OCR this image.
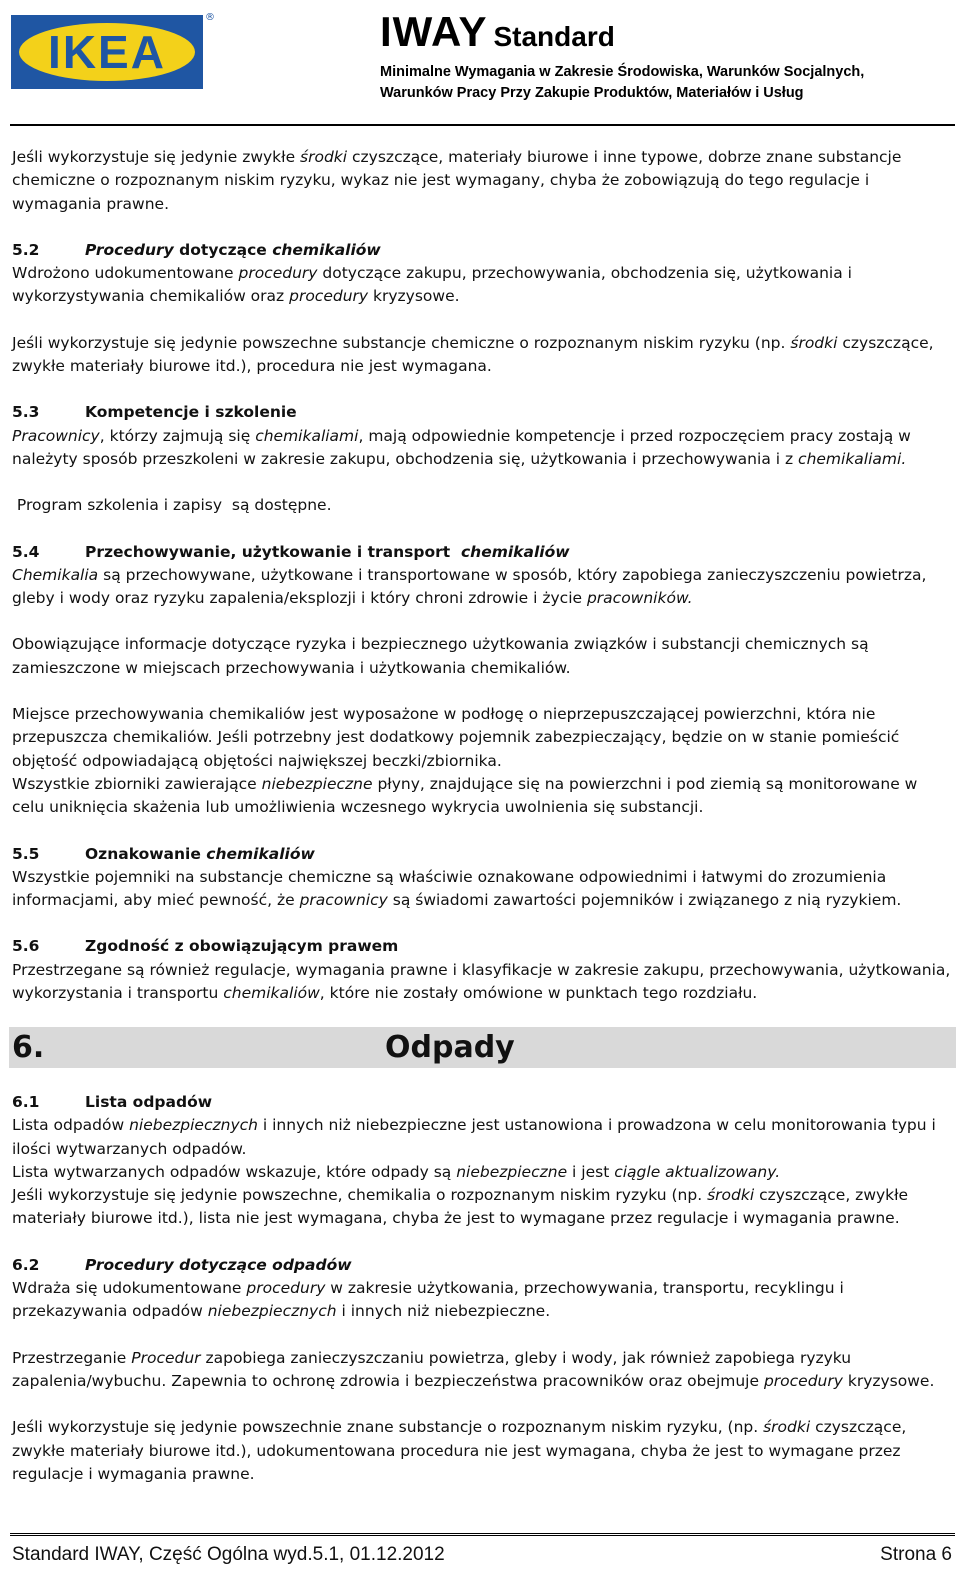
IKEA
®	IWAY Standard
Minimalne Wymagania w Zakresie Środowiska, Warunków Socjalnych,
Warunków Pracy Przy Zakupie Produktów, Materiałów i Usług

Jeśli wykorzystuje się jedynie zwykłe środki czyszczące, materiały biurowe i inne typowe, dobrze znane substancje chemiczne o rozpoznanym niskim ryzyku, wykaz nie jest wymagany, chyba że zobowiązują do tego regulacje i wymagania prawne.

5.2	Procedury dotyczące chemikaliów

Wdrożono udokumentowane procedury dotyczące zakupu, przechowywania, obchodzenia się, użytkowania i wykorzystywania chemikaliów oraz procedury kryzysowe.

Jeśli wykorzystuje się jedynie powszechne substancje chemiczne o rozpoznanym niskim ryzyku (np. środki czyszczące, zwykłe materiały biurowe itd.), procedura nie jest wymagana.

5.3	Kompetencje i szkolenie

Pracownicy, którzy zajmują się chemikaliami, mają odpowiednie kompetencje i przed rozpoczęciem pracy zostają w należyty sposób przeszkoleni w zakresie zakupu, obchodzenia się, użytkowania i przechowywania i z chemikaliami.

Program szkolenia i zapisy  są dostępne.

5.4	Przechowywanie, użytkowanie i transport  chemikaliów

Chemikalia są przechowywane, użytkowane i transportowane w sposób, który zapobiega zanieczyszczeniu powietrza, gleby i wody oraz ryzyku zapalenia/eksplozji i który chroni zdrowie i życie pracowników.

Obowiązujące informacje dotyczące ryzyka i bezpiecznego użytkowania związków i substancji chemicznych są zamieszczone w miejscach przechowywania i użytkowania chemikaliów.

Miejsce przechowywania chemikaliów jest wyposażone w podłogę o nieprzepuszczającej powierzchni, która nie przepuszcza chemikaliów. Jeśli potrzebny jest dodatkowy pojemnik zabezpieczający, będzie on w stanie pomieścić objętość odpowiadającą objętości największej beczki/zbiornika.

Wszystkie zbiorniki zawierające niebezpieczne płyny, znajdujące się na powierzchni i pod ziemią są monitorowane w celu uniknięcia skażenia lub umożliwienia wczesnego wykrycia uwolnienia się substancji.

5.5	Oznakowanie chemikaliów

Wszystkie pojemniki na substancje chemiczne są właściwie oznakowane odpowiednimi i łatwymi do zrozumienia informacjami, aby mieć pewność, że pracownicy są świadomi zawartości pojemników i związanego z nią ryzykiem.

5.6	Zgodność z obowiązującym prawem

Przestrzegane są również regulacje, wymagania prawne i klasyfikacje w zakresie zakupu, przechowywania, użytkowania, wykorzystania i transportu chemikaliów, które nie zostały omówione w punktach tego rozdziału.

6.	Odpady

6.1	Lista odpadów

Lista odpadów niebezpiecznych i innych niż niebezpieczne jest ustanowiona i prowadzona w celu monitorowania typu i ilości wytwarzanych odpadów.

Lista wytwarzanych odpadów wskazuje, które odpady są niebezpieczne i jest ciągle aktualizowany.

Jeśli wykorzystuje się jedynie powszechne, chemikalia o rozpoznanym niskim ryzyku (np. środki czyszczące, zwykłe materiały biurowe itd.), lista nie jest wymagana, chyba że jest to wymagane przez regulacje i wymagania prawne.

6.2	Procedury dotyczące odpadów

Wdraża się udokumentowane procedury w zakresie użytkowania, przechowywania, transportu, recyklingu i przekazywania odpadów niebezpiecznych i innych niż niebezpieczne.

Przestrzeganie Procedur zapobiega zanieczyszczaniu powietrza, gleby i wody, jak również zapobiega ryzyku zapalenia/wybuchu. Zapewnia to ochronę zdrowia i bezpieczeństwa pracowników oraz obejmuje procedury kryzysowe.

Jeśli wykorzystuje się jedynie powszechnie znane substancje o rozpoznanym niskim ryzyku, (np. środki czyszczące, zwykłe materiały biurowe itd.), udokumentowana procedura nie jest wymagana, chyba że jest to wymagane przez regulacje i wymagania prawne.

Standard IWAY, Część Ogólna wyd.5.1, 01.12.2012	Strona 6
